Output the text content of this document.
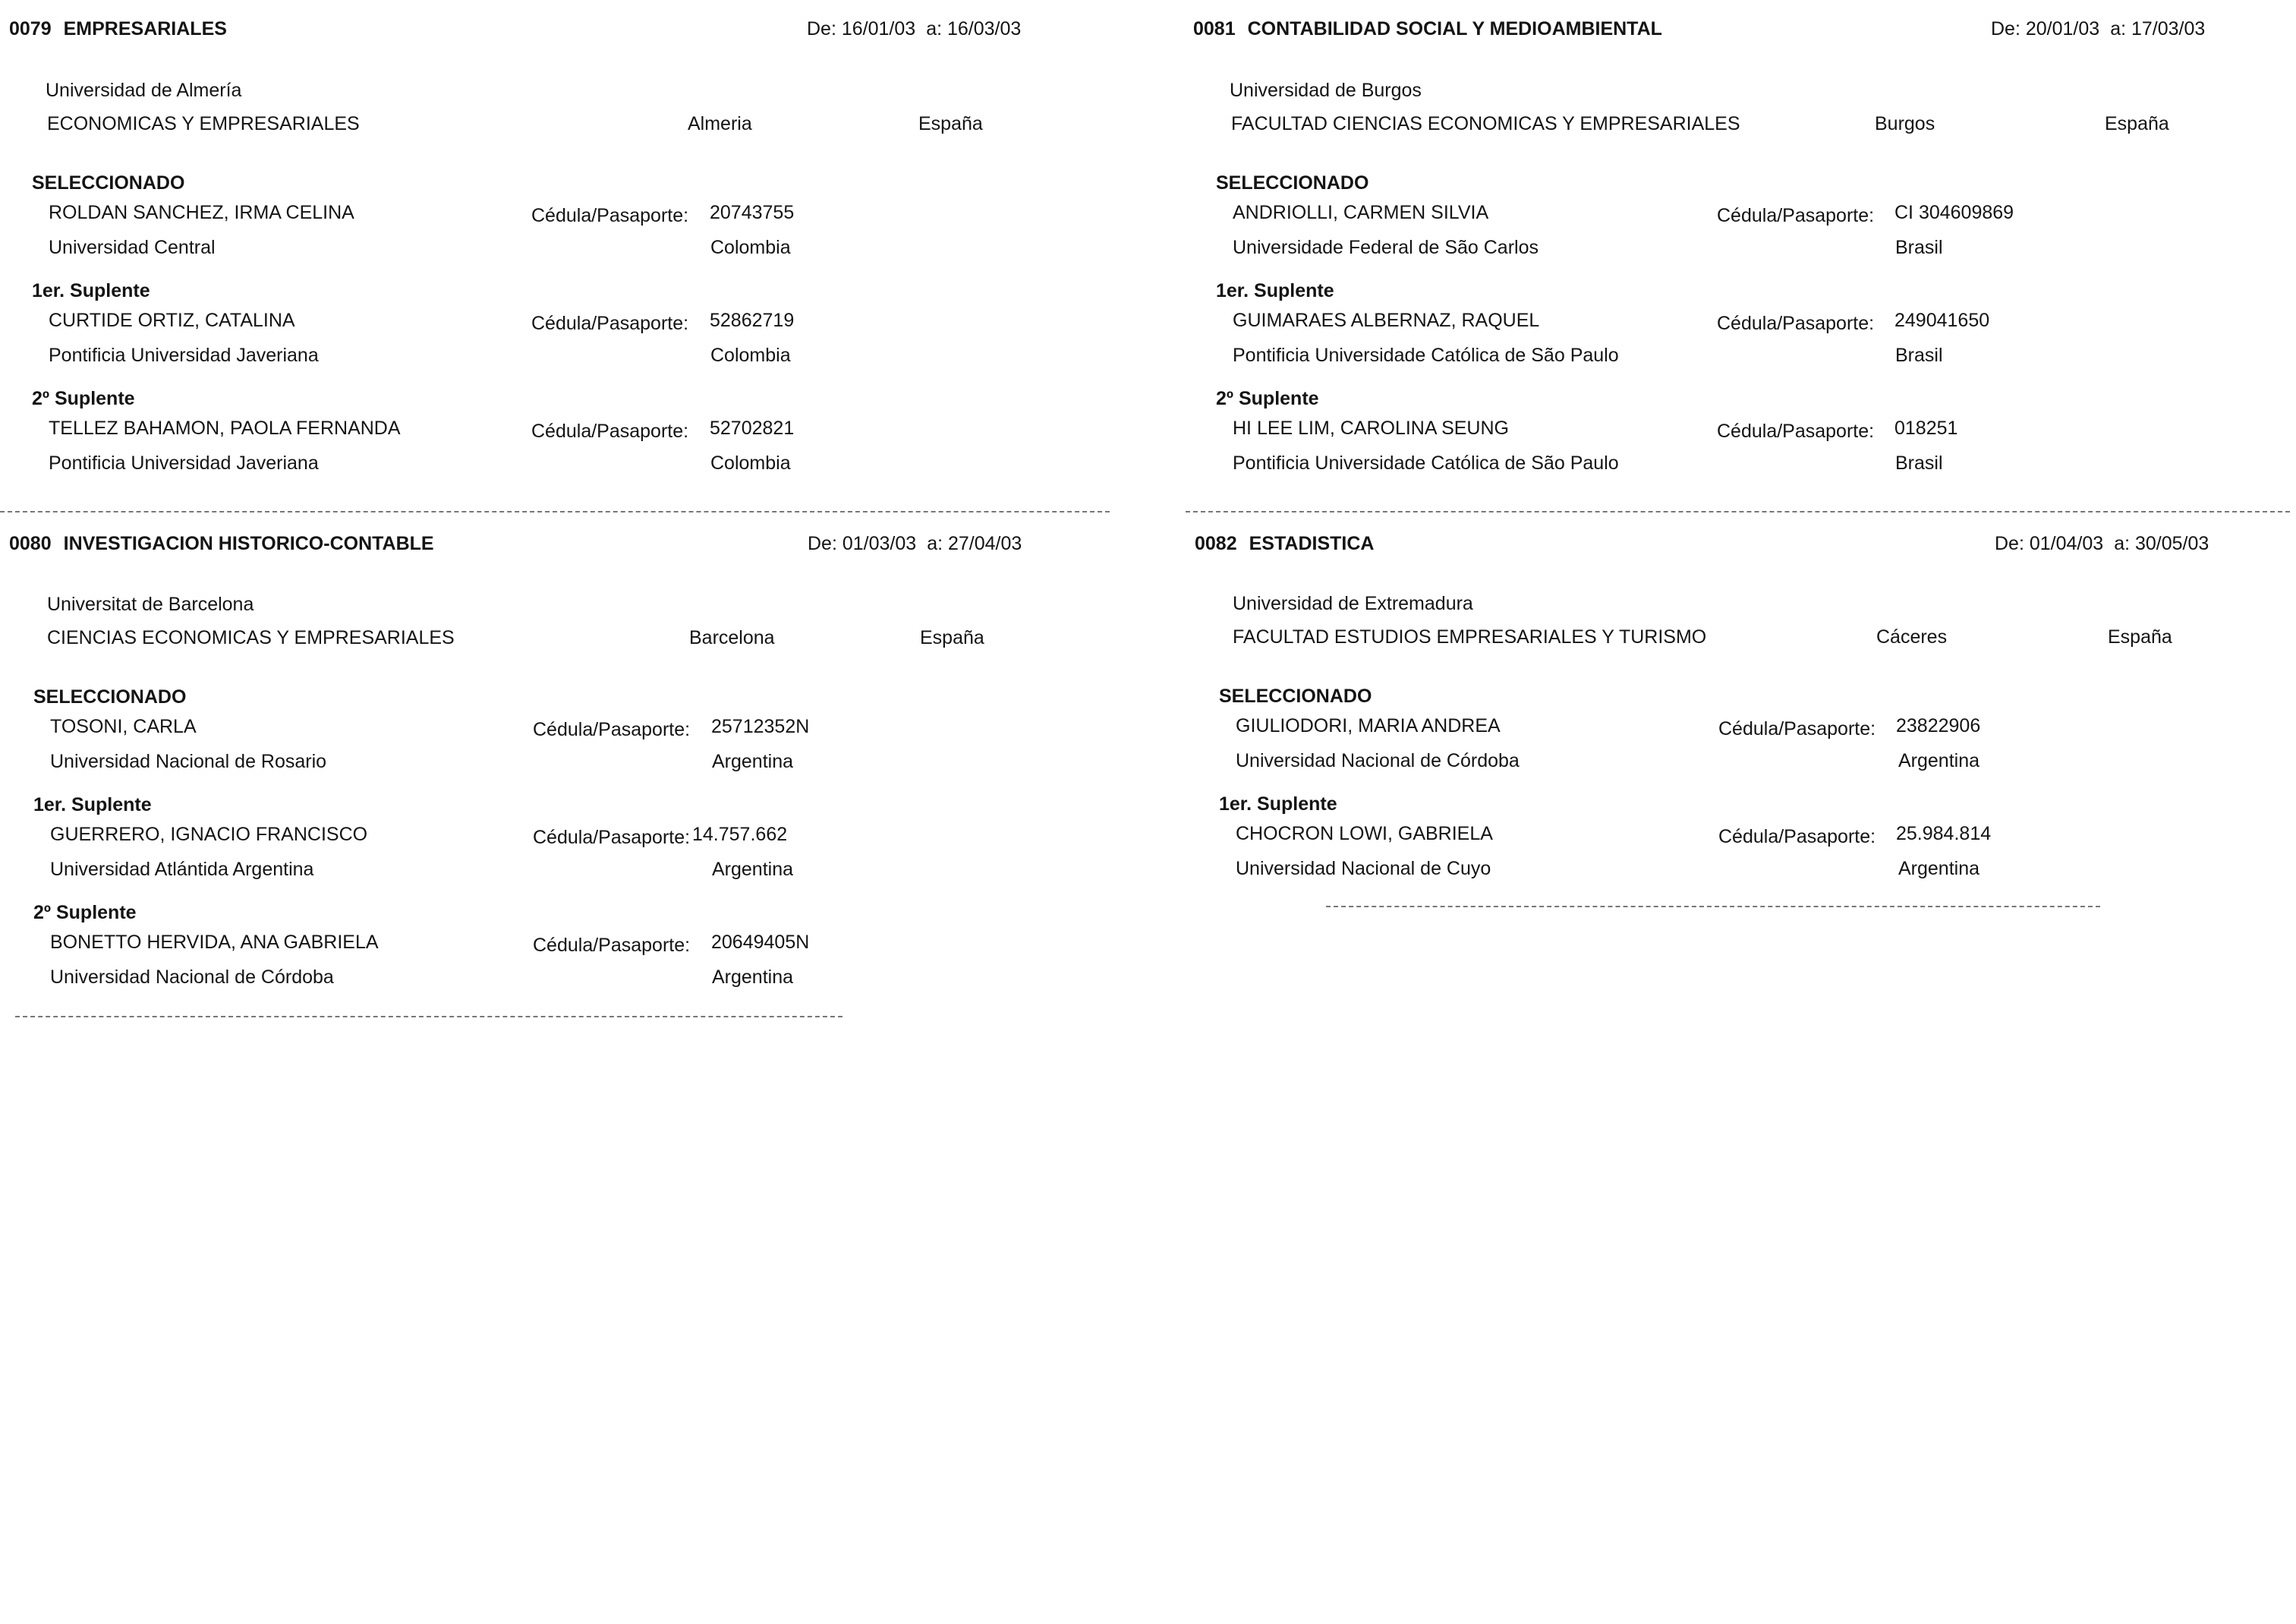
0079 EMPRESARIALES	De: 16/01/03 a: 16/03/03
Universidad de Almería
ECONOMICAS Y EMPRESARIALES	Almeria	España
SELECCIONADO
ROLDAN SANCHEZ, IRMA CELINA	Cédula/Pasaporte: 20743755
Universidad Central	Colombia
1er. Suplente
CURTIDE ORTIZ, CATALINA	Cédula/Pasaporte: 52862719
Pontificia Universidad Javeriana	Colombia
2º Suplente
TELLEZ BAHAMON, PAOLA FERNANDA	Cédula/Pasaporte: 52702821
Pontificia Universidad Javeriana	Colombia
0081 CONTABILIDAD SOCIAL Y MEDIOAMBIENTAL	De: 20/01/03 a: 17/03/03
Universidad de Burgos
FACULTAD CIENCIAS ECONOMICAS Y EMPRESARIALES	Burgos	España
SELECCIONADO
ANDRIOLLI, CARMEN SILVIA	Cédula/Pasaporte: CI 304609869
Universidade Federal de São Carlos	Brasil
1er. Suplente
GUIMARAES ALBERNAZ, RAQUEL	Cédula/Pasaporte: 249041650
Pontificia Universidade Católica de São Paulo	Brasil
2º Suplente
HI LEE LIM, CAROLINA SEUNG	Cédula/Pasaporte: 018251
Pontificia Universidade Católica de São Paulo	Brasil
0080 INVESTIGACION HISTORICO-CONTABLE	De: 01/03/03 a: 27/04/03
Universitat de Barcelona
CIENCIAS ECONOMICAS Y EMPRESARIALES	Barcelona	España
SELECCIONADO
TOSONI, CARLA	Cédula/Pasaporte: 25712352N
Universidad Nacional de Rosario	Argentina
1er. Suplente
GUERRERO, IGNACIO FRANCISCO	Cédula/Pasaporte: 14.757.662
Universidad Atlántida Argentina	Argentina
2º Suplente
BONETTO HERVIDA, ANA GABRIELA	Cédula/Pasaporte: 20649405N
Universidad Nacional de Córdoba	Argentina
0082 ESTADISTICA	De: 01/04/03 a: 30/05/03
Universidad de Extremadura
FACULTAD ESTUDIOS EMPRESARIALES Y TURISMO	Cáceres	España
SELECCIONADO
GIULIODORI, MARIA ANDREA	Cédula/Pasaporte: 23822906
Universidad Nacional de Córdoba	Argentina
1er. Suplente
CHOCRON LOWI, GABRIELA	Cédula/Pasaporte: 25.984.814
Universidad Nacional de Cuyo	Argentina
